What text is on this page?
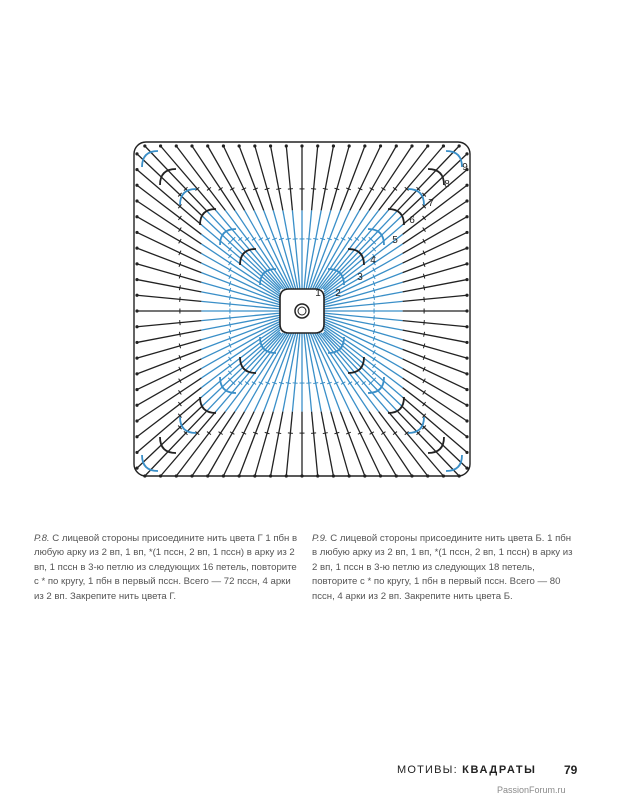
1 2
3
4
5
6
7
8
9
Р.8. С лицевой стороны присоедините нить цвета Г 1 пбн в любую арку из 2 вп, 1 вп, *(1 пссн, 2 вп, 1 пссн) в арку из 2 вп, 1 пссн в 3-ю петлю из следующих 16 петель, повторите с * по кругу, 1 пбн в первый пссн. Всего — 72 пссн, 4 арки из 2 вп. Закрепите нить цвета Г.
Р.9. С лицевой стороны присоедините нить цвета Б. 1 пбн в любую арку из 2 вп, 1 вп, *(1 пссн, 2 вп, 1 пссн) в арку из 2 вп, 1 пссн в 3-ю петлю из следующих 18 петель, повторите с * по кругу, 1 пбн в первый пссн. Всего — 80 пссн, 4 арки из 2 вп. Закрепите нить цвета Б.
МОТИВЫ: КВАДРАТЫ 79
PassionForum.ru
